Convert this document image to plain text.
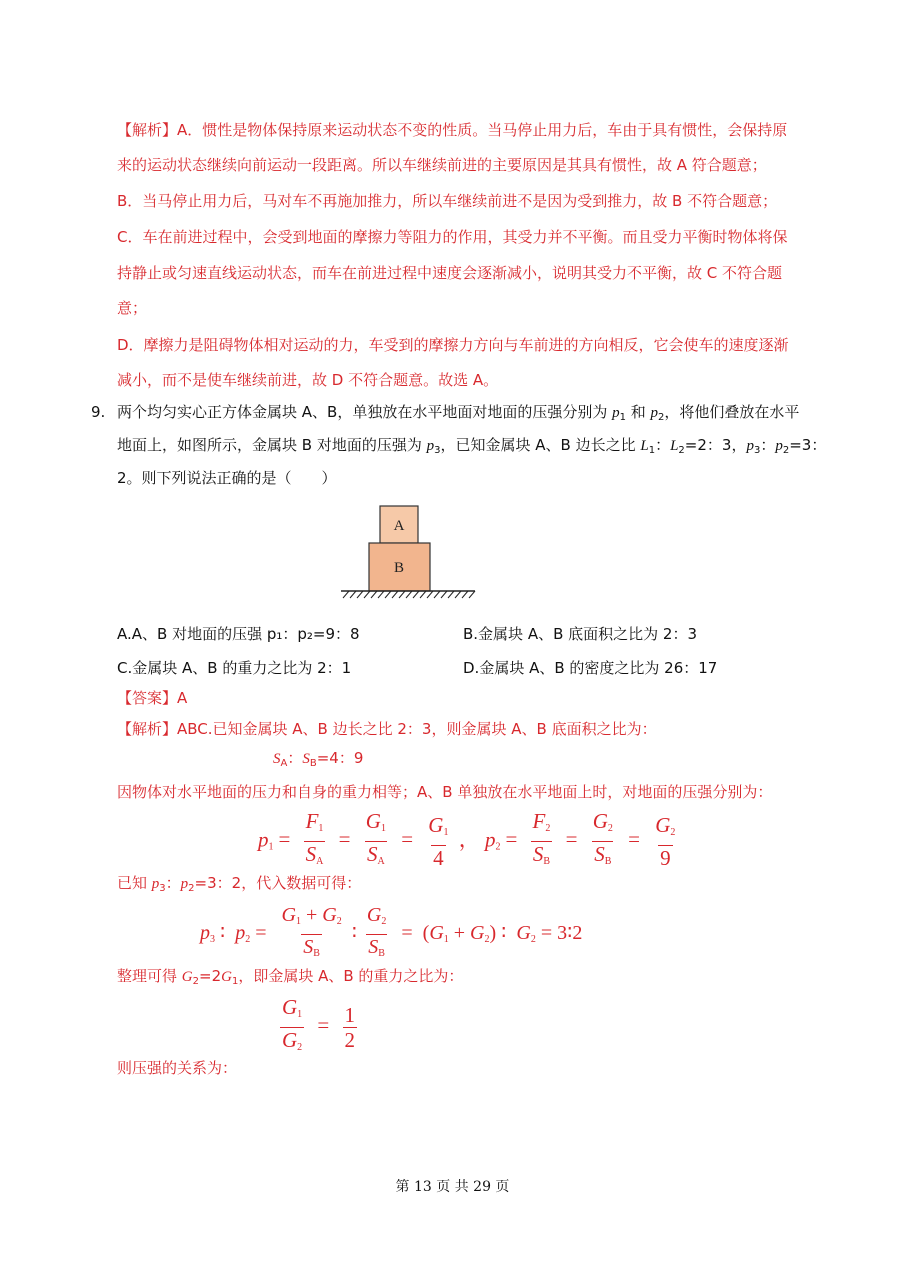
【解析】A．惯性是物体保持原来运动状态不变的性质。当马停止用力后，车由于具有惯性，会保持原
来的运动状态继续向前运动一段距离。所以车继续前进的主要原因是其具有惯性，故 A 符合题意；
B．当马停止用力后，马对车不再施加推力，所以车继续前进不是因为受到推力，故 B 不符合题意；
C．车在前进过程中，会受到地面的摩擦力等阻力的作用，其受力并不平衡。而且受力平衡时物体将保
持静止或匀速直线运动状态，而车在前进过程中速度会逐渐减小，说明其受力不平衡，故 C 不符合题
意；
D．摩擦力是阻碍物体相对运动的力，车受到的摩擦力方向与车前进的方向相反，它会使车的速度逐渐
减小，而不是使车继续前进，故 D 不符合题意。故选 A。
9. 两个均匀实心正方体金属块 A、B，单独放在水平地面对地面的压强分别为 $p_1$ 和 $p_2$，将他们叠放在水平
地面上，如图所示，金属块 B 对地面的压强为 $p_3$，已知金属块 A、B 边长之比 $L_1$：$L_2=2$：3，$p_3$：$p_2=3$：
2。则下列说法正确的是（　　）
A
B
A.A、B 对地面的压强 p₁：p₂=9：8	B.金属块 A、B 底面积之比为 2：3
C.金属块 A、B 的重力之比为 2：1	D.金属块 A、B 的密度之比为 26：17
【答案】A
【解析】ABC.已知金属块 A、B 边长之比 2：3，则金属块 A、B 底面积之比为：
$S_A$：$S_B=4$：9
因物体对水平地面的压力和自身的重力相等；A、B 单独放在水平地面上时，对地面的压强分别为：
$p_1 = \frac{F_1}{S_A} = \frac{G_1}{S_A} = \frac{G_1}{4}$ ， $p_2 = \frac{F_2}{S_B} = \frac{G_2}{S_B} = \frac{G_2}{9}$
已知 $p_3$：$p_2=3$：2，代入数据可得：
$p_3$ ∶ $p_2 = \frac{G_1 + G_2}{S_B}$ ∶ $\frac{G_2}{S_B} = (G_1 + G_2)$ ∶ $G_2$ = 3∶2
整理可得 $G_2=2G_1$，即金属块 A、B 的重力之比为：
$\frac{G_1}{G_2} = \frac{1}{2}$
则压强的关系为：
第 13 页 共 29 页
